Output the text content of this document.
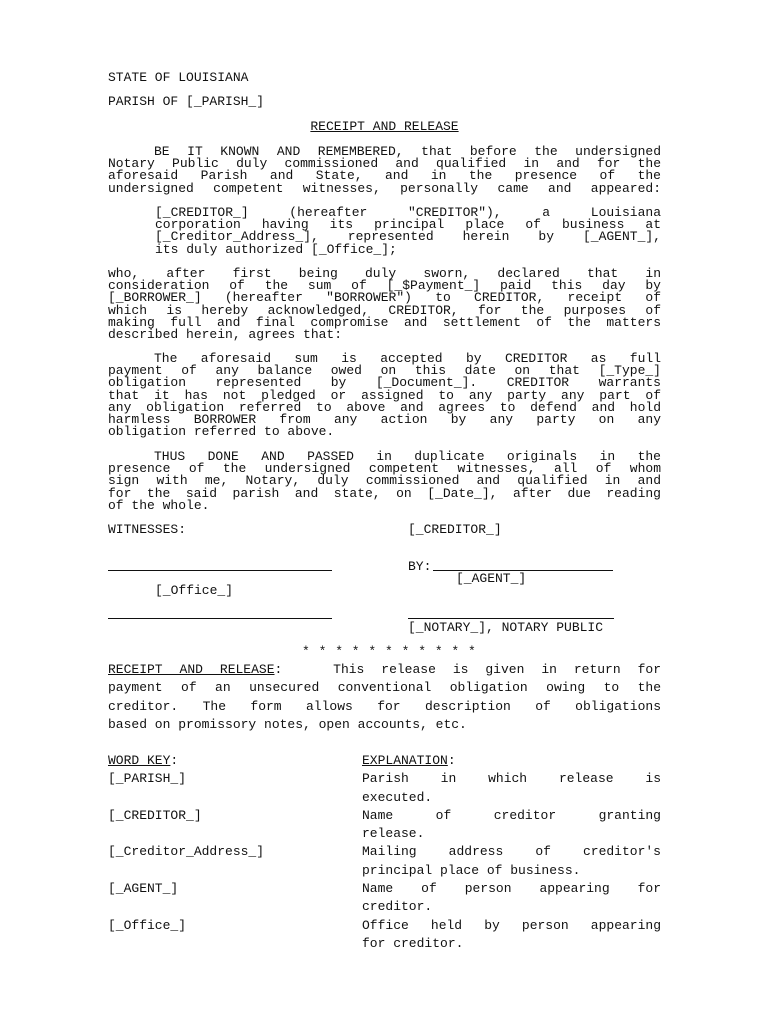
STATE OF LOUISIANA
PARISH OF [_PARISH_]
RECEIPT AND RELEASE
BE IT KNOWN AND REMEMBERED, that before the undersigned
Notary Public duly commissioned and qualified in and for the
aforesaid Parish and State, and in the presence of the
undersigned competent witnesses, personally came and appeared:
[_CREDITOR_] (hereafter "CREDITOR"), a Louisiana
corporation having its principal place of business at
[_Creditor_Address_], represented herein by [_AGENT_],
its duly authorized [_Office_];
who, after first being duly sworn, declared that in
consideration of the sum of [_$Payment_] paid this day by
[_BORROWER_] (hereafter "BORROWER") to CREDITOR, receipt of
which is hereby acknowledged, CREDITOR, for the purposes of
making full and final compromise and settlement of the matters
described herein, agrees that:
The aforesaid sum is accepted by CREDITOR as full
payment of any balance owed on this date on that [_Type_]
obligation represented by [_Document_]. CREDITOR warrants
that it has not pledged or assigned to any party any part of
any obligation referred to above and agrees to defend and hold
harmless BORROWER from any action by any party on any
obligation referred to above.
THUS DONE AND PASSED in duplicate originals in the
presence of the undersigned competent witnesses, all of whom
sign with me, Notary, duly commissioned and qualified in and
for the said parish and state, on [_Date_], after due reading
of the whole.
WITNESSES:	[_CREDITOR_]
BY:
[_AGENT_]
[_Office_]
[_NOTARY_], NOTARY PUBLIC
* * * * * * * * * * *
RECEIPT AND RELEASE:	This release is given in return for
payment of an unsecured conventional obligation owing to the
creditor. The form allows for description of obligations
based on promissory notes, open accounts, etc.
WORD KEY:	EXPLANATION:
[_PARISH_]	Parish in which release is
executed.
[_CREDITOR_]	Name of creditor granting
release.
[_Creditor_Address_]	Mailing address of creditor's
principal place of business.
[_AGENT_]	Name of person appearing for
creditor.
[_Office_]	Office held by person appearing
for creditor.
